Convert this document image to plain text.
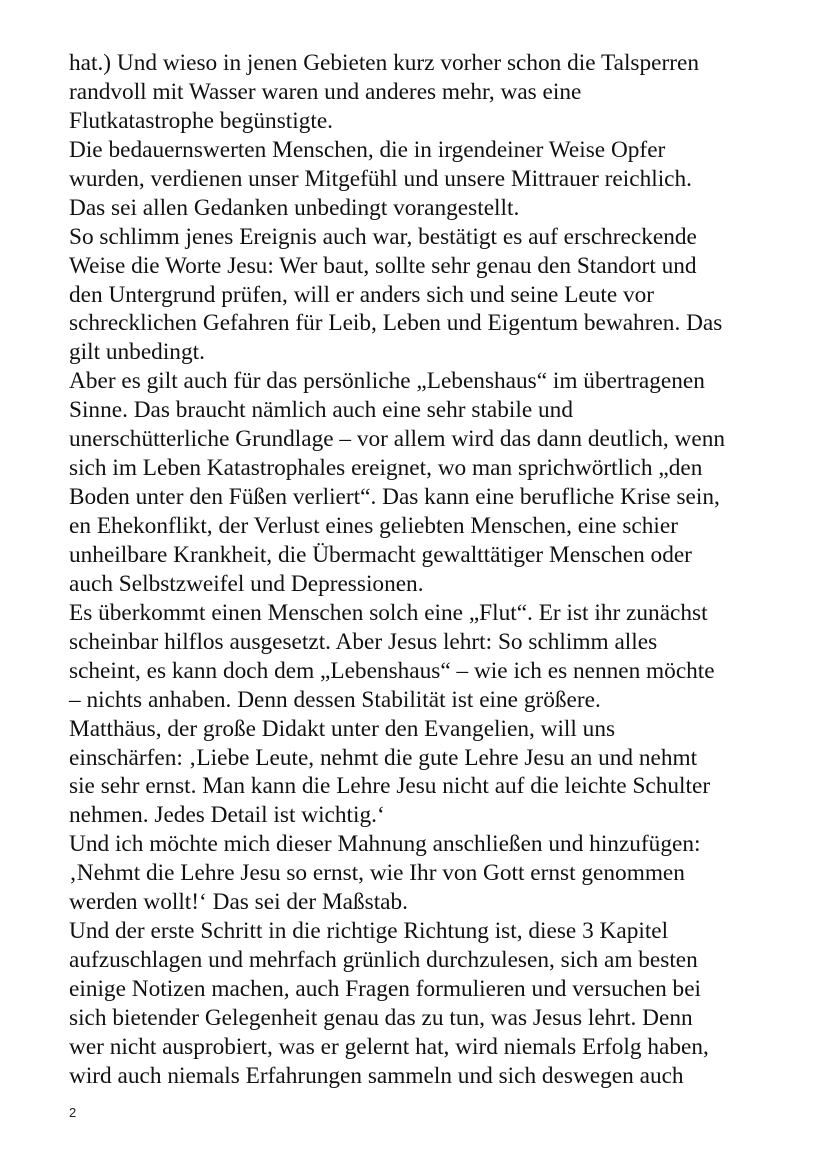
hat.) Und wieso in jenen Gebieten kurz vorher schon die Talsperren
randvoll mit Wasser waren und anderes mehr, was eine
Flutkatastrophe begünstigte.
Die bedauernswerten Menschen, die in irgendeiner Weise Opfer
wurden, verdienen unser Mitgefühl und unsere Mittrauer reichlich.
Das sei allen Gedanken unbedingt vorangestellt.
So schlimm jenes Ereignis auch war, bestätigt es auf erschreckende
Weise die Worte Jesu: Wer baut, sollte sehr genau den Standort und
den Untergrund prüfen, will er anders sich und seine Leute vor
schrecklichen Gefahren für Leib, Leben und Eigentum bewahren. Das
gilt unbedingt.
Aber es gilt auch für das persönliche „Lebenshaus“ im übertragenen
Sinne. Das braucht nämlich auch eine sehr stabile und
unerschütterliche Grundlage – vor allem wird das dann deutlich, wenn
sich im Leben Katastrophales ereignet, wo man sprichwörtlich „den
Boden unter den Füßen verliert“. Das kann eine berufliche Krise sein,
en Ehekonflikt, der Verlust eines geliebten Menschen, eine schier
unheilbare Krankheit, die Übermacht gewalttätiger Menschen oder
auch Selbstzweifel und Depressionen.
Es überkommt einen Menschen solch eine „Flut“. Er ist ihr zunächst
scheinbar hilflos ausgesetzt. Aber Jesus lehrt: So schlimm alles
scheint, es kann doch dem „Lebenshaus“ – wie ich es nennen möchte
– nichts anhaben. Denn dessen Stabilität ist eine größere.
Matthäus, der große Didakt unter den Evangelien, will uns
einschärfen: ‚Liebe Leute, nehmt die gute Lehre Jesu an und nehmt
sie sehr ernst. Man kann die Lehre Jesu nicht auf die leichte Schulter
nehmen. Jedes Detail ist wichtig.‘
Und ich möchte mich dieser Mahnung anschließen und hinzufügen:
‚Nehmt die Lehre Jesu so ernst, wie Ihr von Gott ernst genommen
werden wollt!‘ Das sei der Maßstab.
Und der erste Schritt in die richtige Richtung ist, diese 3 Kapitel
aufzuschlagen und mehrfach grünlich durchzulesen, sich am besten
einige Notizen machen, auch Fragen formulieren und versuchen bei
sich bietender Gelegenheit genau das zu tun, was Jesus lehrt. Denn
wer nicht ausprobiert, was er gelernt hat, wird niemals Erfolg haben,
wird auch niemals Erfahrungen sammeln und sich deswegen auch
2
